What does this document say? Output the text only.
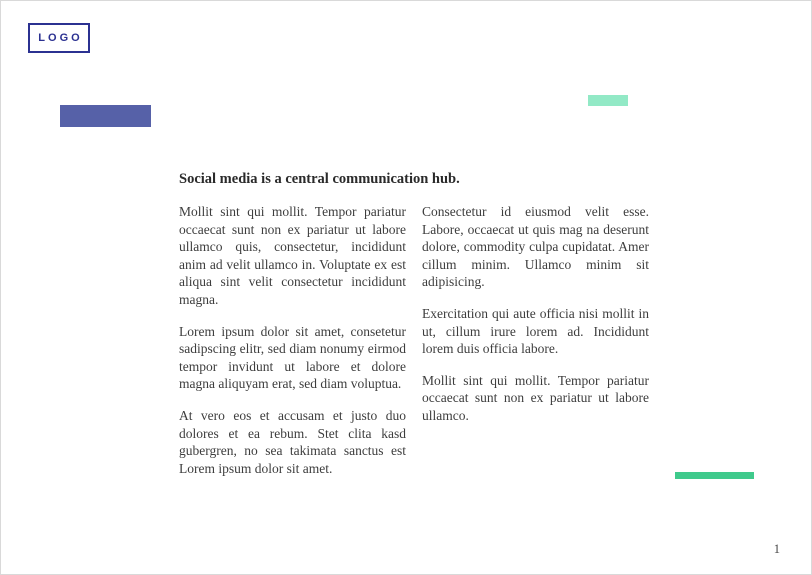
LOGO
Social media is a central communication hub.

Mollit sint qui mollit. Tempor pariatur occaecat sunt non ex pariatur ut labore ullamco quis, consectetur, incididunt anim ad velit ullamco in. Voluptate ex est aliqua sint velit consectetur incididunt magna.

Lorem ipsum dolor sit amet, consetetur sadipscing elitr, sed diam nonumy eirmod tempor invidunt ut labore et dolore magna aliquyam erat, sed diam voluptua.

At vero eos et accusam et justo duo dolores et ea rebum. Stet clita kasd gubergren, no sea takimata sanctus est Lorem ipsum dolor sit amet.

Consectetur id eiusmod velit esse. Labore, occaecat ut quis mag na deserunt dolore, commodity culpa cupidatat. Amer cillum minim. Ullamco minim sit adipisicing.

Exercitation qui aute officia nisi mollit in ut, cillum irure lorem ad. Incididunt lorem duis officia labore.

Mollit sint qui mollit. Tempor pariatur occaecat sunt non ex pariatur ut labore ullamco.

1
